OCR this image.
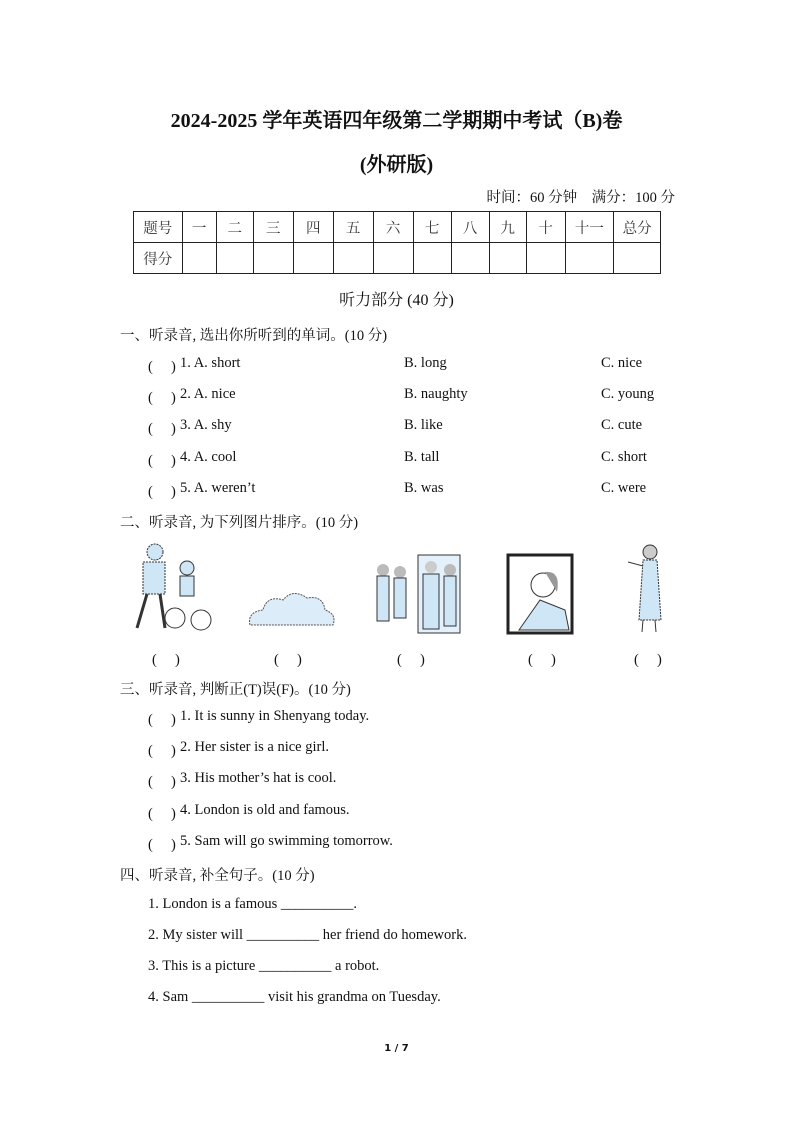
2024-2025 学年英语四年级第二学期期中考试（B)卷
(外研版)
时间：60 分钟　满分：100 分
题号	一	二	三	四	五	六	七	八	九	十	十一	总分
得分												
听力部分 (40 分)
一、听录音, 选出你所听到的单词。(10 分)
二、听录音, 为下列图片排序。(10 分)
三、听录音, 判断正(T)误(F)。(10 分)
四、听录音, 补全句子。(10 分)
1 / 7
(　 ) 1. A. short	B. long	C. nice
(　 ) 2. A. nice	B. naughty	C. young
(　 ) 3. A. shy	B. like	C. cute
(　 ) 4. A. cool	B. tall	C. short
(　 ) 5. A. weren’t	B. was	C. were
(　 )	(　 )	(　 )	(　 )	(　 )
(　 ) 1. It is sunny in Shenyang today.
(　 ) 2. Her sister is a nice girl.
(　 ) 3. His mother’s hat is cool.
(　 ) 4. London is old and famous.
(　 ) 5. Sam will go swimming tomorrow.
1. London is a famous __________.
2. My sister will __________ her friend do homework.
3. This is a picture __________ a robot.
4. Sam __________ visit his grandma on Tuesday.
